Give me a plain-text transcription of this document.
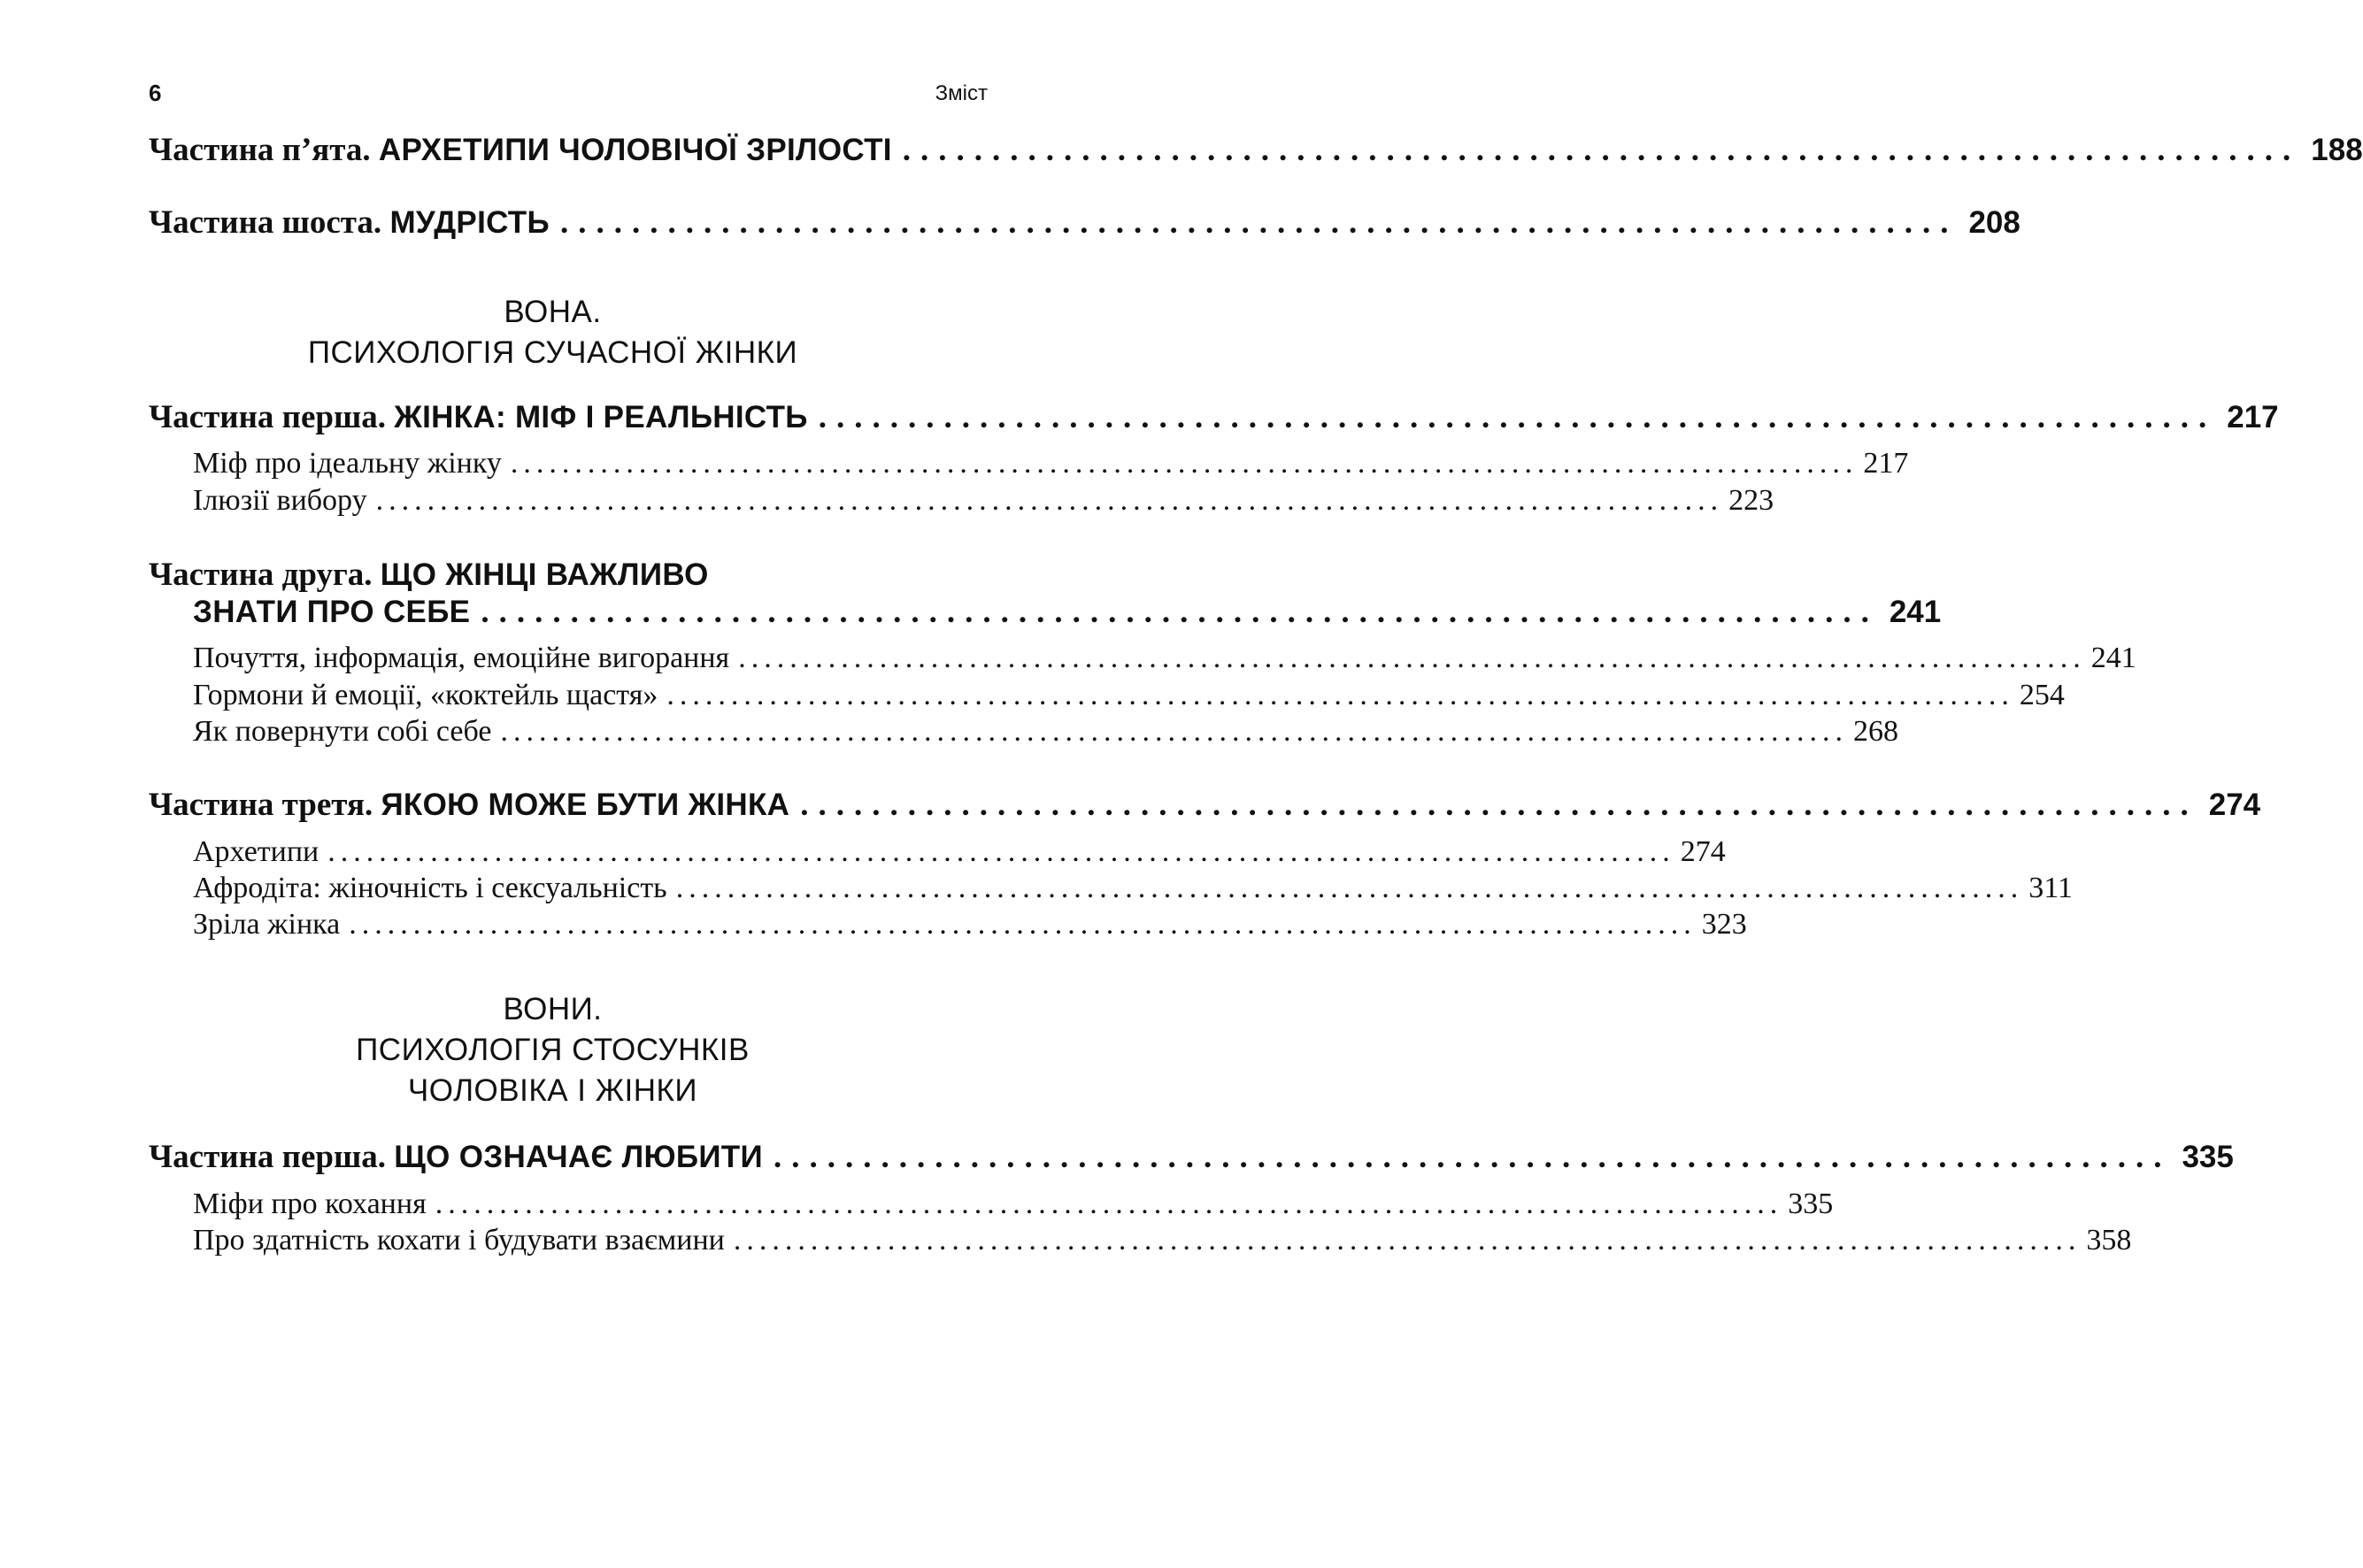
6	Зміст
Частина п’ята. АРХЕТИПИ ЧОЛОВІЧОЇ ЗРІЛОСТІ .............................................................................. 188
Частина шоста. МУДРІСТЬ .............................................................................. 208
ВОНА.
ПСИХОЛОГІЯ СУЧАСНОЇ ЖІНКИ
Частина перша. ЖІНКА: МІФ І РЕАЛЬНІСТЬ .............................................................................. 217
Міф про ідеальну жінку ......................................................................................................... 217
Ілюзії вибору ......................................................................................................... 223
Частина друга. ЩО ЖІНЦІ ВАЖЛИВО
ЗНАТИ ПРО СЕБЕ .............................................................................. 241
Почуття, інформація, емоційне вигорання ......................................................................................................... 241
Гормони й емоції, «коктейль щастя» ......................................................................................................... 254
Як повернути собі себе ......................................................................................................... 268
Частина третя. ЯКОЮ МОЖЕ БУТИ ЖІНКА .............................................................................. 274
Архетипи ......................................................................................................... 274
Афродіта: жіночність і сексуальність ......................................................................................................... 311
Зріла жінка ......................................................................................................... 323
ВОНИ.
ПСИХОЛОГІЯ СТОСУНКІВ
ЧОЛОВІКА І ЖІНКИ
Частина перша. ЩО ОЗНАЧАЄ ЛЮБИТИ .............................................................................. 335
Міфи про кохання ......................................................................................................... 335
Про здатність кохати і будувати взаємини ......................................................................................................... 358
